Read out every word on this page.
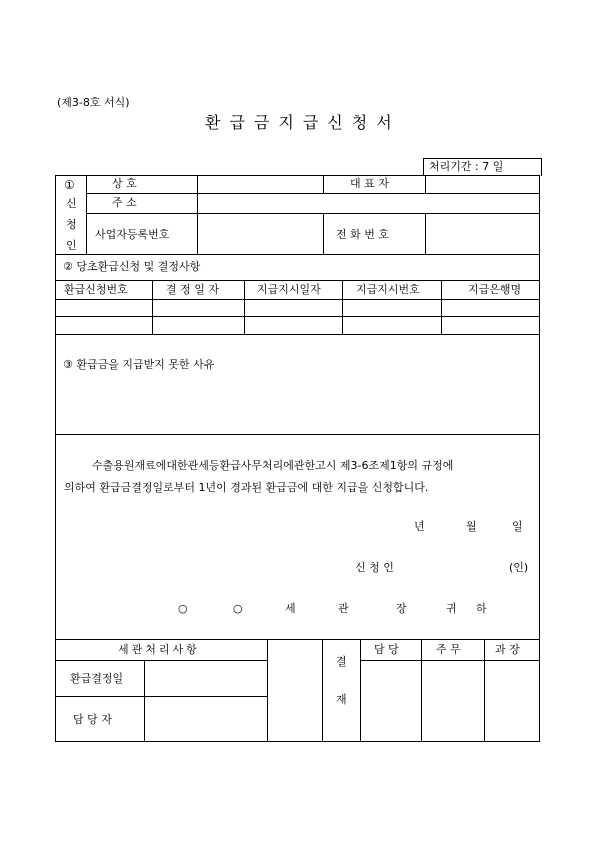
(제3-8호 서식)
환급금지급신청서
처리기간 : 7 일
①
신
청
인
상 호	대 표 자
주 소
사업자등록번호	전 화 번 호
② 당초환급신청 및 결정사항
환급신청번호	결 정 일 자	지급지시일자	지급지시번호	지급은행명
③ 환급금을 지급받지 못한 사유
수출용원재료에대한관세등환급사무처리에관한고시 제3-6조제1항의 규정에
의하여 환급금결정일로부터 1년이 경과된 환급금에 대한 지급을 신청합니다.
년	월	일
신 청 인	(인)
○	○	세	관	장	귀 하
세관처리사항
환급결정일
담 당 자
결
재
담 당	주 무	과 장
